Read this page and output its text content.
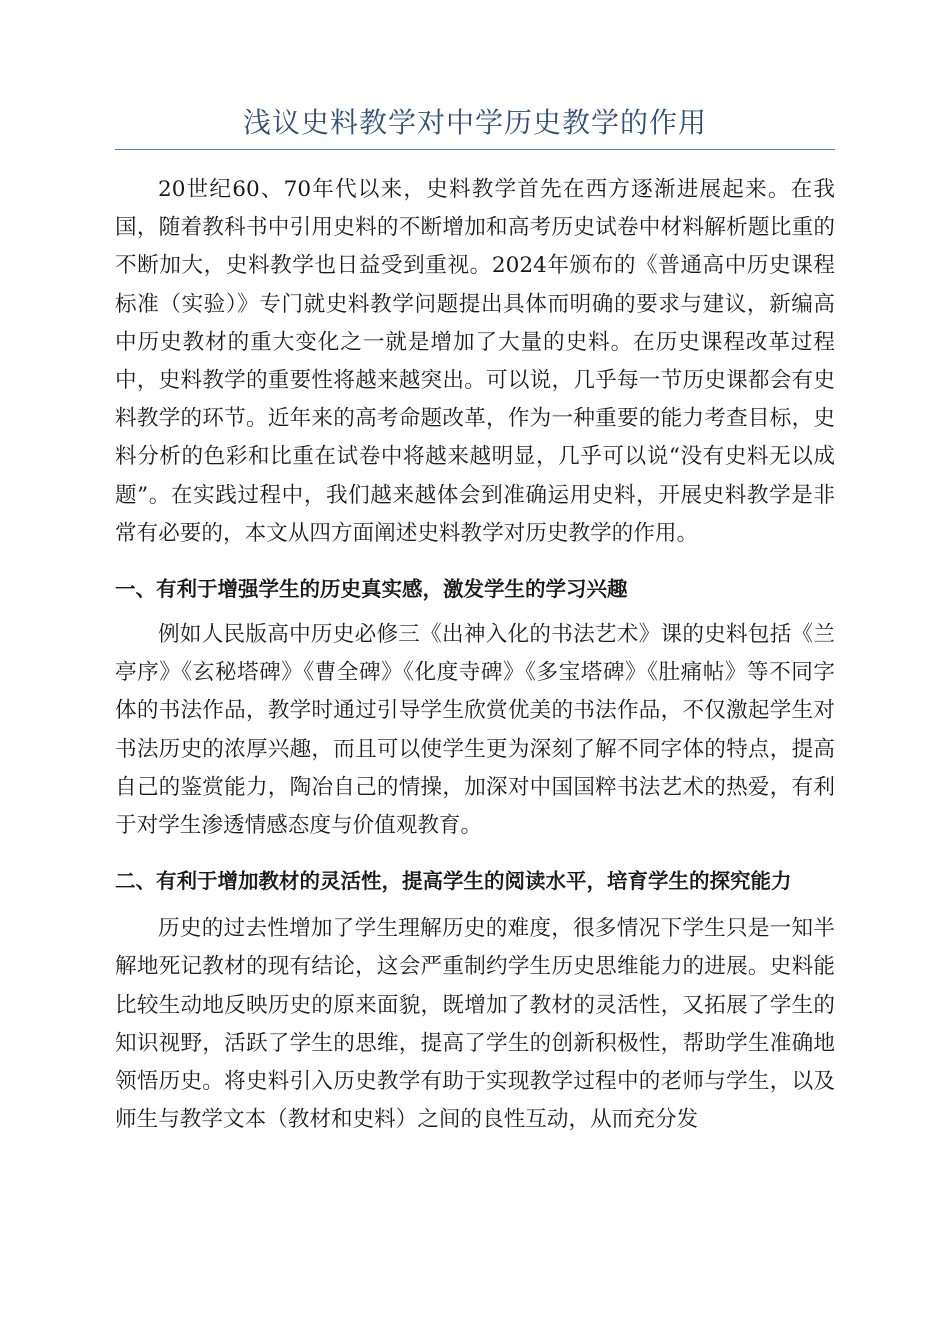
浅议史料教学对中学历史教学的作用

20世纪60、70年代以来，史料教学首先在西方逐渐进展起来。在我国，随着教科书中引用史料的不断增加和高考历史试卷中材料解析题比重的不断加大，史料教学也日益受到重视。2024年颁布的《普通高中历史课程标准（实验）》专门就史料教学问题提出具体而明确的要求与建议，新编高中历史教材的重大变化之一就是增加了大量的史料。在历史课程改革过程中，史料教学的重要性将越来越突出。可以说，几乎每一节历史课都会有史料教学的环节。近年来的高考命题改革，作为一种重要的能力考查目标，史料分析的色彩和比重在试卷中将越来越明显，几乎可以说“没有史料无以成题”。在实践过程中，我们越来越体会到准确运用史料，开展史料教学是非常有必要的，本文从四方面阐述史料教学对历史教学的作用。

一、有利于增强学生的历史真实感，激发学生的学习兴趣

例如人民版高中历史必修三《出神入化的书法艺术》课的史料包括《兰亭序》《玄秘塔碑》《曹全碑》《化度寺碑》《多宝塔碑》《肚痛帖》等不同字体的书法作品，教学时通过引导学生欣赏优美的书法作品，不仅激起学生对书法历史的浓厚兴趣，而且可以使学生更为深刻了解不同字体的特点，提高自己的鉴赏能力，陶冶自己的情操，加深对中国国粹书法艺术的热爱，有利于对学生渗透情感态度与价值观教育。

二、有利于增加教材的灵活性，提高学生的阅读水平，培育学生的探究能力

历史的过去性增加了学生理解历史的难度，很多情况下学生只是一知半解地死记教材的现有结论，这会严重制约学生历史思维能力的进展。史料能比较生动地反映历史的原来面貌，既增加了教材的灵活性，又拓展了学生的知识视野，活跃了学生的思维，提高了学生的创新积极性，帮助学生准确地领悟历史。将史料引入历史教学有助于实现教学过程中的老师与学生，以及师生与教学文本（教材和史料）之间的良性互动，从而充分发
